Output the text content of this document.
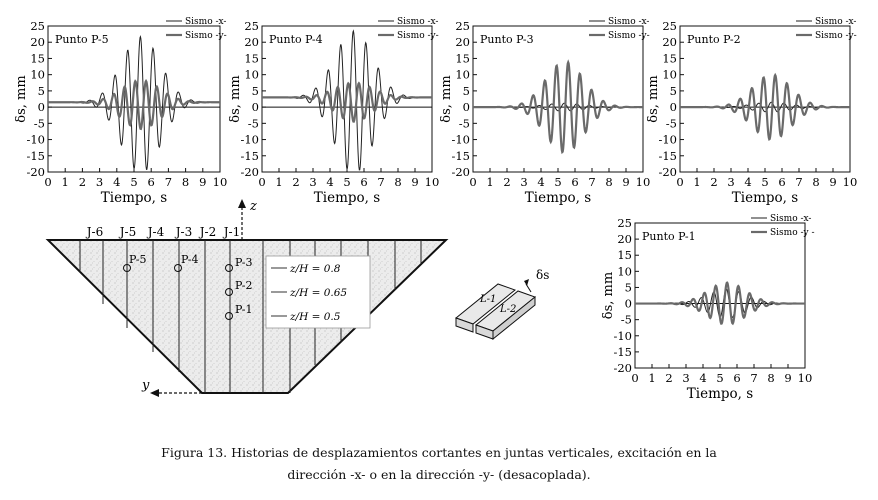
-20
-15
-10
-5
0
5
10
15
20
25
0 1 2 3 4 5 6 7 8 9 10
Tiempo, s
δs, mm
Punto P-5
Sismo -x-
Sismo -y-
-20
-15
-10
-5
0
5
10
15
20
25
0 1 2 3 4 5 6 7 8 9 10
Tiempo, s
δs, mm
Punto P-4
Sismo -x-
Sismo -y-
-20
-15
-10
-5
0
5
10
15
20
25
0 1 2 3 4 5 6 7 8 9 10
Tiempo, s
δs, mm
Punto P-3
Sismo -x-
Sismo -y-
-20
-15
-10
-5
0
5
10
15
20
25
0 1 2 3 4 5 6 7 8 9 10
Tiempo, s
δs, mm
Punto P-2
Sismo -x-
Sismo -y-
-20
-15
-10
-5
0
5
10
15
20
25
0 1 2 3 4 5 6 7 8 9 10
Tiempo, s
δs, mm
Punto P-1
Sismo -x-
Sismo -y -
J-6 J-5 J-4 J-3 J-2 J-1
P-5	P-4	P-3
P-2
P-1
z/H = 0.8
z/H = 0.65
z/H = 0.5
z
y
L-1
L-2
δs
Figura 13. Historias de desplazamientos cortantes en juntas verticales, excitación en la
dirección -x- o en la dirección -y- (desacoplada).
